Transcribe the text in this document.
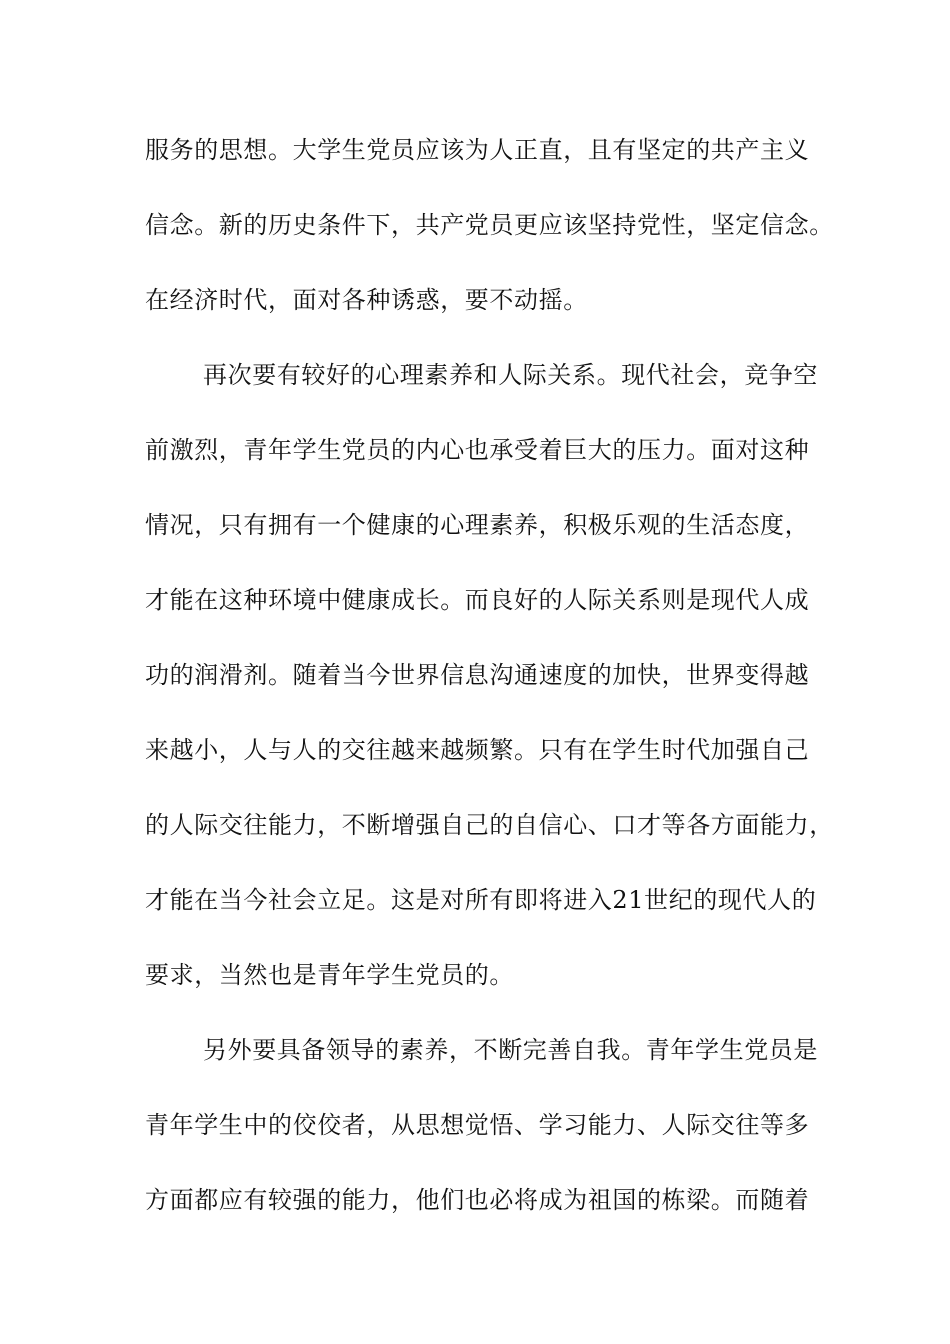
服务的思想。大学生党员应该为人正直，且有坚定的共产主义
信念。新的历史条件下，共产党员更应该坚持党性，坚定信念。
在经济时代，面对各种诱惑，要不动摇。
再次要有较好的心理素养和人际关系。现代社会，竞争空
前激烈，青年学生党员的内心也承受着巨大的压力。面对这种
情况，只有拥有一个健康的心理素养，积极乐观的生活态度，
才能在这种环境中健康成长。而良好的人际关系则是现代人成
功的润滑剂。随着当今世界信息沟通速度的加快，世界变得越
来越小，人与人的交往越来越频繁。只有在学生时代加强自己
的人际交往能力，不断增强自己的自信心、口才等各方面能力，
才能在当今社会立足。这是对所有即将进入21世纪的现代人的
要求，当然也是青年学生党员的。
另外要具备领导的素养，不断完善自我。青年学生党员是
青年学生中的佼佼者，从思想觉悟、学习能力、人际交往等多
方面都应有较强的能力，他们也必将成为祖国的栋梁。而随着
